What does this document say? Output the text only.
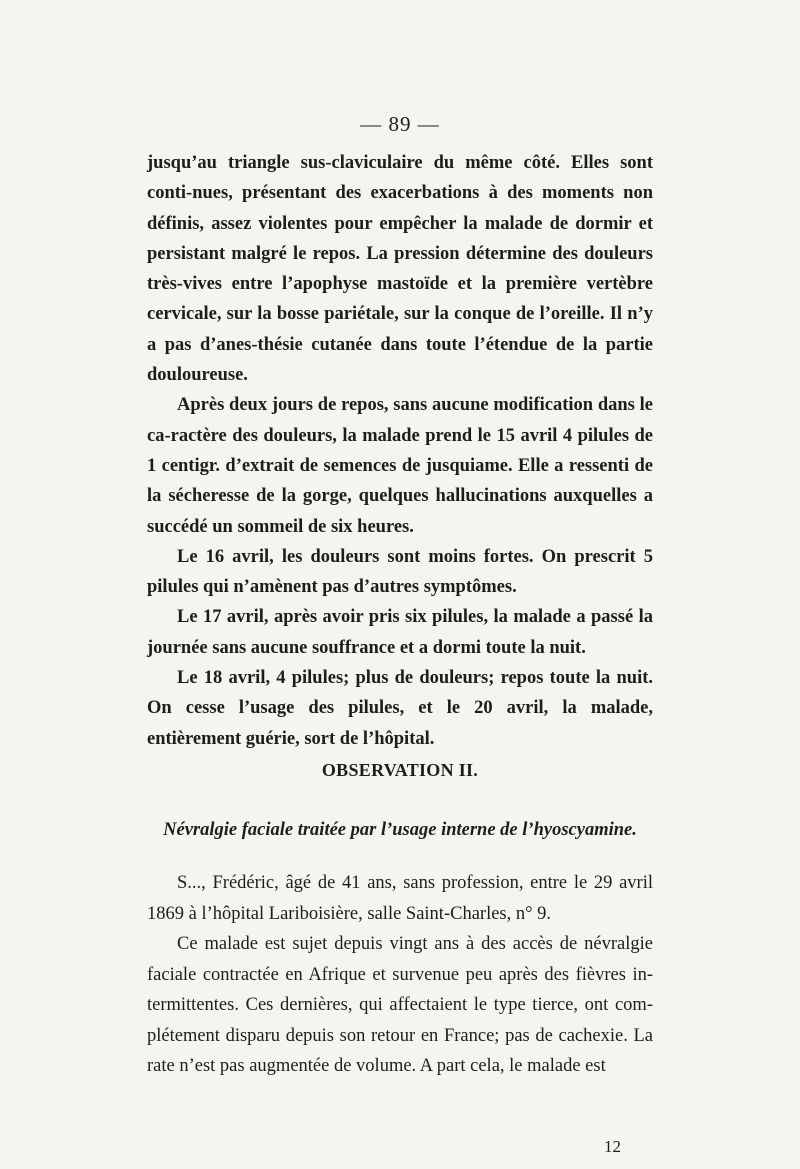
— 89 —

jusqu’au triangle sus-claviculaire du même côté. Elles sont conti-nues, présentant des exacerbations à des moments non définis, assez violentes pour empêcher la malade de dormir et persistant malgré le repos. La pression détermine des douleurs très-vives entre l’apophyse mastoïde et la première vertèbre cervicale, sur la bosse pariétale, sur la conque de l’oreille. Il n’y a pas d’anes-thésie cutanée dans toute l’étendue de la partie douloureuse.

Après deux jours de repos, sans aucune modification dans le ca-ractère des douleurs, la malade prend le 15 avril 4 pilules de 1 centigr. d’extrait de semences de jusquiame. Elle a ressenti de la sécheresse de la gorge, quelques hallucinations auxquelles a succédé un sommeil de six heures.

Le 16 avril, les douleurs sont moins fortes. On prescrit 5 pilules qui n’amènent pas d’autres symptômes.

Le 17 avril, après avoir pris six pilules, la malade a passé la journée sans aucune souffrance et a dormi toute la nuit.

Le 18 avril, 4 pilules; plus de douleurs; repos toute la nuit. On cesse l’usage des pilules, et le 20 avril, la malade, entièrement guérie, sort de l’hôpital.

OBSERVATION II.
Névralgie faciale traitée par l’usage interne de l’hyoscyamine.

S..., Frédéric, âgé de 41 ans, sans profession, entre le 29 avril 1869 à l’hôpital Lariboisière, salle Saint-Charles, n° 9.

Ce malade est sujet depuis vingt ans à des accès de névralgie faciale contractée en Afrique et survenue peu après des fièvres in-termittentes. Ces dernières, qui affectaient le type tierce, ont com-plétement disparu depuis son retour en France; pas de cachexie. La rate n’est pas augmentée de volume. A part cela, le malade est

12
